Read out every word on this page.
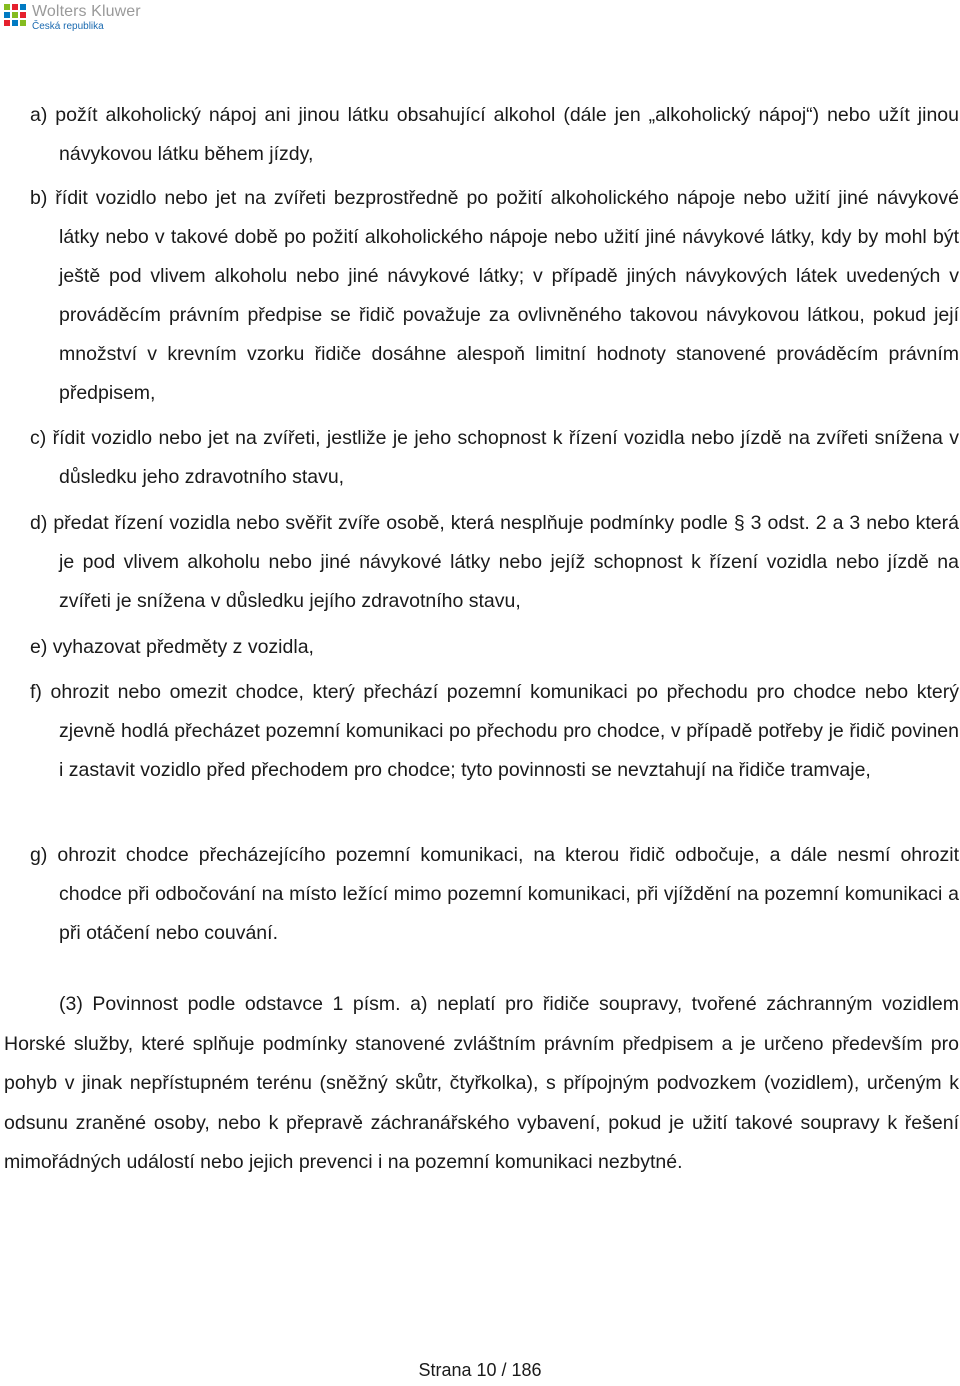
Wolters Kluwer
Česká republika

a) požít alkoholický nápoj ani jinou látku obsahující alkohol (dále jen „alkoholický nápoj“) nebo užít jinou návykovou látku během jízdy,

b) řídit vozidlo nebo jet na zvířeti bezprostředně po požití alkoholického nápoje nebo užití jiné návykové látky nebo v takové době po požití alkoholického nápoje nebo užití jiné návykové látky, kdy by mohl být ještě pod vlivem alkoholu nebo jiné návykové látky; v případě jiných návykových látek uvedených v prováděcím právním předpise se řidič považuje za ovlivněného takovou návykovou látkou, pokud její množství v krevním vzorku řidiče dosáhne alespoň limitní hodnoty stanovené prováděcím právním předpisem,

c) řídit vozidlo nebo jet na zvířeti, jestliže je jeho schopnost k řízení vozidla nebo jízdě na zvířeti snížena v důsledku jeho zdravotního stavu,

d) předat řízení vozidla nebo svěřit zvíře osobě, která nesplňuje podmínky podle § 3 odst. 2 a 3 nebo která je pod vlivem alkoholu nebo jiné návykové látky nebo jejíž schopnost k řízení vozidla nebo jízdě na zvířeti je snížena v důsledku jejího zdravotního stavu,

e) vyhazovat předměty z vozidla,

f) ohrozit nebo omezit chodce, který přechází pozemní komunikaci po přechodu pro chodce nebo který zjevně hodlá přecházet pozemní komunikaci po přechodu pro chodce, v případě potřeby je řidič povinen i zastavit vozidlo před přechodem pro chodce; tyto povinnosti se nevztahují na řidiče tramvaje,

g) ohrozit chodce přecházejícího pozemní komunikaci, na kterou řidič odbočuje, a dále nesmí ohrozit chodce při odbočování na místo ležící mimo pozemní komunikaci, při vjíždění na pozemní komunikaci a při otáčení nebo couvání.

(3) Povinnost podle odstavce 1 písm. a) neplatí pro řidiče soupravy, tvořené záchranným vozidlem Horské služby, které splňuje podmínky stanovené zvláštním právním předpisem a je určeno především pro pohyb v jinak nepřístupném terénu (sněžný skůtr, čtyřkolka), s přípojným podvozkem (vozidlem), určeným k odsunu zraněné osoby, nebo k přepravě záchranářského vybavení, pokud je užití takové soupravy k řešení mimořádných událostí nebo jejich prevenci i na pozemní komunikaci nezbytné.

Strana 10 / 186
